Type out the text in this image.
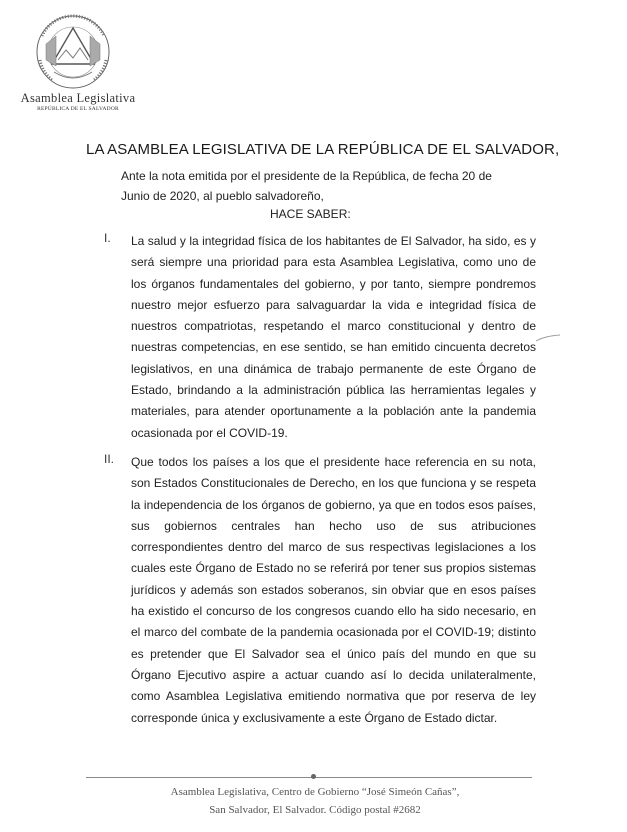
Asamblea Legislativa
REPÚBLICA DE EL SALVADOR
LA ASAMBLEA LEGISLATIVA DE LA REPÚBLICA DE EL SALVADOR,
Ante la nota emitida por el presidente de la República, de fecha 20 de Junio de 2020, al pueblo salvadoreño,
HACE SABER:
I. La salud y la integridad física de los habitantes de El Salvador, ha sido, es y será siempre una prioridad para esta Asamblea Legislativa, como uno de los órganos fundamentales del gobierno, y por tanto, siempre pondremos nuestro mejor esfuerzo para salvaguardar la vida e integridad física de nuestros compatriotas, respetando el marco constitucional y dentro de nuestras competencias, en ese sentido, se han emitido cincuenta decretos legislativos, en una dinámica de trabajo permanente de este Órgano de Estado, brindando a la administración pública las herramientas legales y materiales, para atender oportunamente a la población ante la pandemia ocasionada por el COVID-19.
II. Que todos los países a los que el presidente hace referencia en su nota, son Estados Constitucionales de Derecho, en los que funciona y se respeta la independencia de los órganos de gobierno, ya que en todos esos países, sus gobiernos centrales han hecho uso de sus atribuciones correspondientes dentro del marco de sus respectivas legislaciones a los cuales este Órgano de Estado no se referirá por tener sus propios sistemas jurídicos y además son estados soberanos, sin obviar que en esos países ha existido el concurso de los congresos cuando ello ha sido necesario, en el marco del combate de la pandemia ocasionada por el COVID-19; distinto es pretender que El Salvador sea el único país del mundo en que su Órgano Ejecutivo aspire a actuar cuando así lo decida unilateralmente, como Asamblea Legislativa emitiendo normativa que por reserva de ley corresponde única y exclusivamente a este Órgano de Estado dictar.
Asamblea Legislativa, Centro de Gobierno “José Simeón Cañas”,
San Salvador, El Salvador. Código postal #2682
